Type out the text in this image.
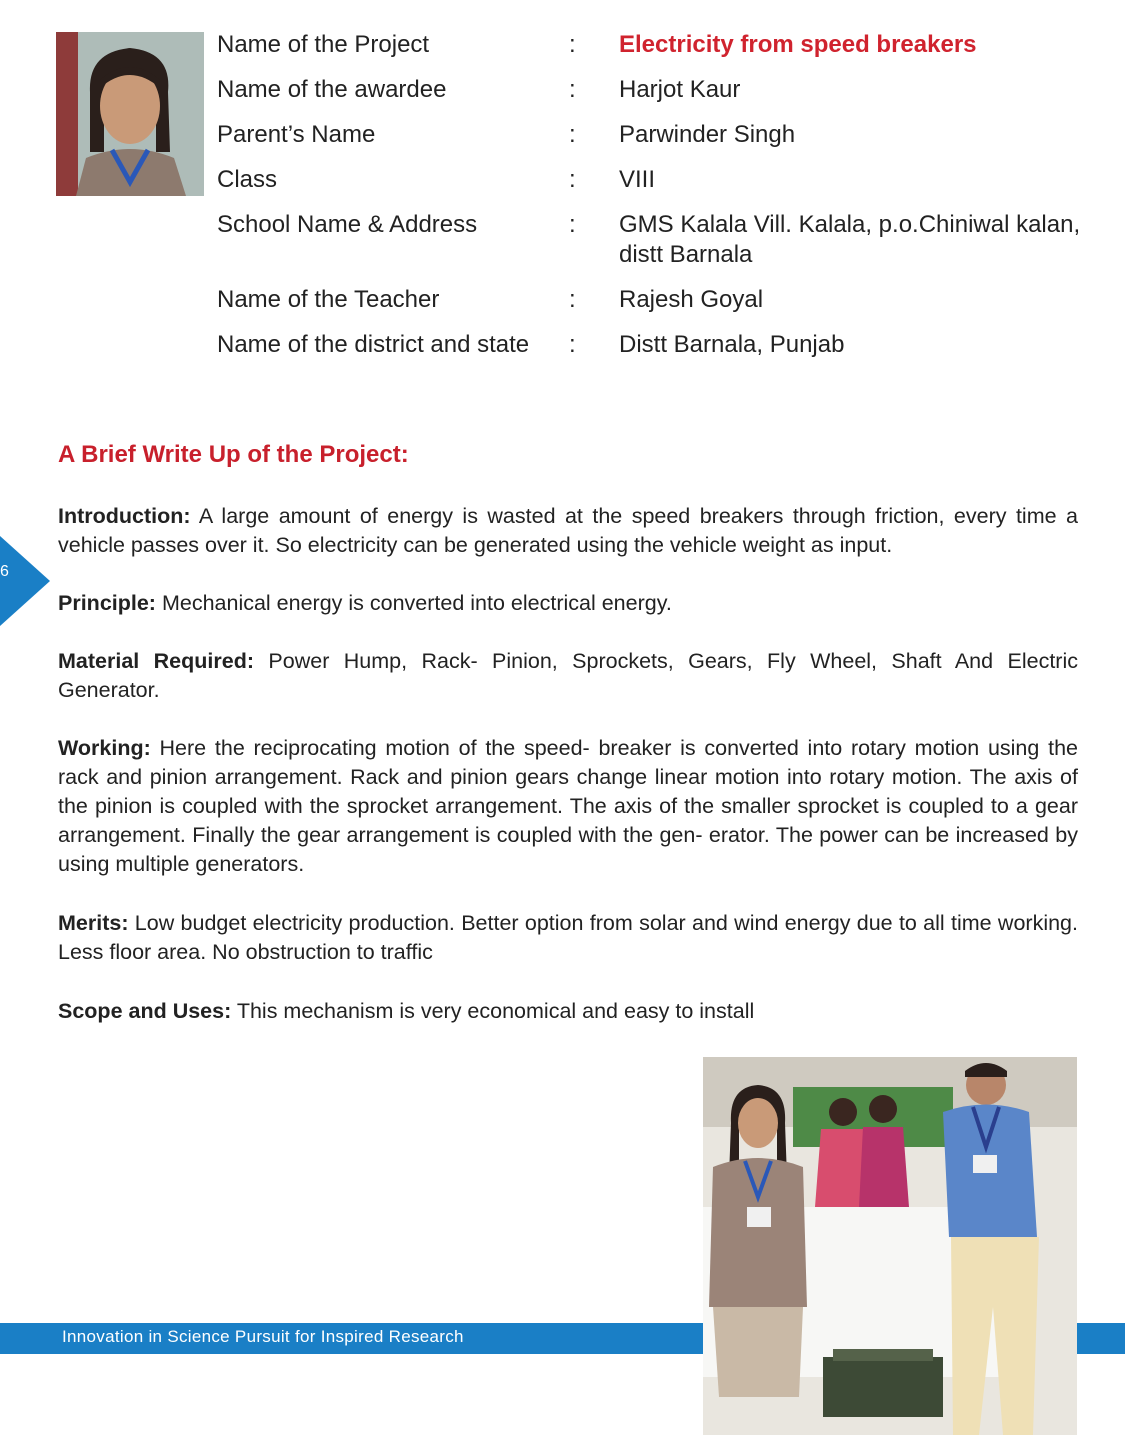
Name of the Project	: Electricity from speed breakers
Name of the awardee	: Harjot Kaur
Parent’s Name	: Parwinder Singh
Class	: VIII
School Name & Address	: GMS Kalala Vill. Kalala, p.o.Chiniwal kalan, distt Barnala
Name of the Teacher	: Rajesh Goyal
Name of the district and state	: Distt Barnala, Punjab
A Brief Write Up of the Project:

Introduction: A large amount of energy is wasted at the speed breakers through friction, every time a vehicle passes over it. So electricity can be generated using the vehicle weight as input.

Principle: Mechanical energy is converted into electrical energy.

Material Required: Power Hump, Rack- Pinion, Sprockets, Gears, Fly Wheel, Shaft And Electric Generator.

Working: Here the reciprocating motion of the speed- breaker is converted into rotary motion using the rack and pinion arrangement. Rack and pinion gears change linear motion into rotary motion. The axis of the pinion is coupled with the sprocket arrangement. The axis of the smaller sprocket is coupled to a gear arrangement. Finally the gear arrangement is coupled with the gen- erator. The power can be increased by using multiple generators.

Merits: Low budget electricity production. Better option from solar and wind energy due to all time working. Less floor area. No obstruction to traffic

Scope and Uses: This mechanism is very economical and easy to install

6
Innovation in Science Pursuit for Inspired Research
